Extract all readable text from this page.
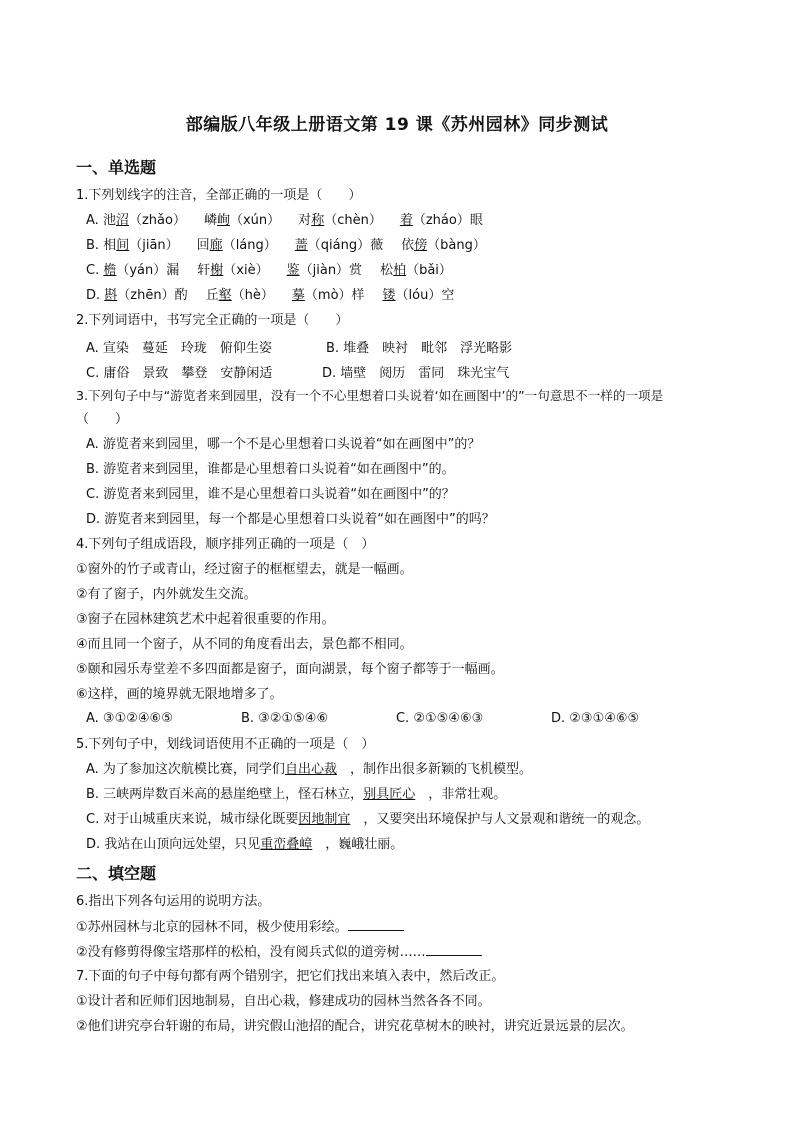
部编版八年级上册语文第 19 课《苏州园林》同步测试
一、单选题
1.下列划线字的注音，全部正确的一项是（　　）
A. 池沼（zhǎo） 嶙峋（xún） 对称（chèn） 着（zháo）眼
B. 相间（jiān） 回廊（láng） 蔷（qiáng）薇 依傍（bàng）
C. 檐（yán）漏 轩榭（xiè） 鉴（jiàn）赏 松柏（bǎi）
D. 斟（zhēn）酌 丘壑（hè） 摹（mò）样 镂（lóu）空
2.下列词语中，书写完全正确的一项是（　　）
A. 宣染　蔓延　玲珑　俯仰生姿	B. 堆叠　映衬　毗邻　浮光略影
C. 庸俗　景致　攀登　安静闲适	D. 墙壁　阅历　雷同　珠光宝气
3.下列句子中与“游览者来到园里，没有一个不心里想着口头说着‘如在画图中’的”一句意思不一样的一项是
（　　）
A. 游览者来到园里，哪一个不是心里想着口头说着“如在画图中”的？
B. 游览者来到园里，谁都是心里想着口头说着“如在画图中”的。
C. 游览者来到园里，谁不是心里想着口头说着“如在画图中”的？
D. 游览者来到园里，每一个都是心里想着口头说着“如在画图中”的吗？
4.下列句子组成语段，顺序排列正确的一项是（　）
①窗外的竹子或青山，经过窗子的框框望去，就是一幅画。
②有了窗子，内外就发生交流。
③窗子在园林建筑艺术中起着很重要的作用。
④而且同一个窗子，从不同的角度看出去，景色都不相同。
⑤颐和园乐寿堂差不多四面都是窗子，面向湖景，每个窗子都等于一幅画。
⑥这样，画的境界就无限地增多了。
A. ③①②④⑥⑤	B. ③②①⑤④⑥	C. ②①⑤④⑥③	D. ②③①④⑥⑤
5.下列句子中，划线词语使用不正确的一项是（　）
A. 为了参加这次航模比赛，同学们自出心裁　，制作出很多新颖的飞机模型。
B. 三峡两岸数百米高的悬崖绝壁上，怪石林立，别具匠心　，非常壮观。
C. 对于山城重庆来说，城市绿化既要因地制宜　，又要突出环境保护与人文景观和谐统一的观念。
D. 我站在山顶向远处望，只见重峦叠嶂　，巍峨壮丽。
二、填空题
6.指出下列各句运用的说明方法。
①苏州园林与北京的园林不同，极少使用彩绘。
②没有修剪得像宝塔那样的松柏，没有阅兵式似的道旁树……
7.下面的句子中每句都有两个错别字，把它们找出来填入表中，然后改正。
①设计者和匠师们因地制易，自出心栽，修建成功的园林当然各各不同。
②他们讲究亭台轩谢的布局，讲究假山池招的配合，讲究花草树木的映衬，讲究近景远景的层次。
